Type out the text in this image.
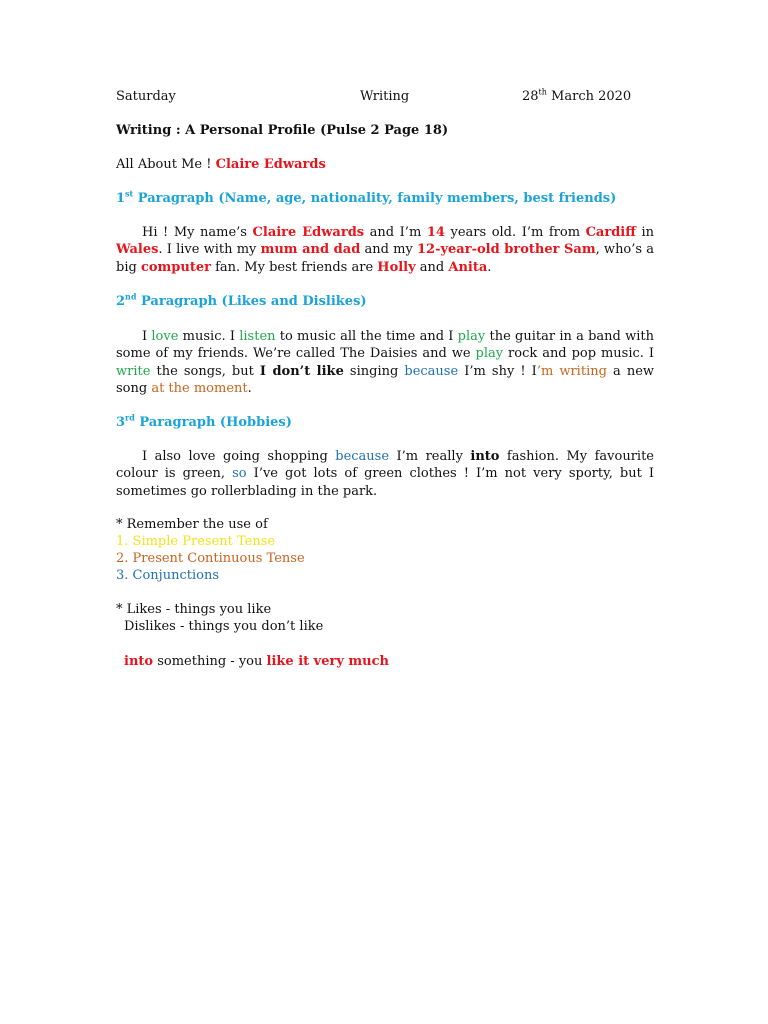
Saturday	Writing	28th March 2020
Writing : A Personal Profile (Pulse 2 Page 18)
All About Me ! Claire Edwards
1st Paragraph (Name, age, nationality, family members, best friends)
Hi ! My name’s Claire Edwards and I’m 14 years old. I’m from Cardiff in Wales. I live with my mum and dad and my 12-year-old brother Sam, who’s a big computer fan. My best friends are Holly and Anita.
2nd Paragraph (Likes and Dislikes)
I love music. I listen to music all the time and I play the guitar in a band with some of my friends. We’re called The Daisies and we play rock and pop music. I write the songs, but I don’t like singing because I’m shy ! I’m writing a new song at the moment.
3rd Paragraph (Hobbies)
I also love going shopping because I’m really into fashion. My favourite colour is green, so I’ve got lots of green clothes ! I’m not very sporty, but I sometimes go rollerblading in the park.
* Remember the use of
1. Simple Present Tense
2. Present Continuous Tense
3. Conjunctions
* Likes - things you like
Dislikes - things you don’t like
into something - you like it very much
